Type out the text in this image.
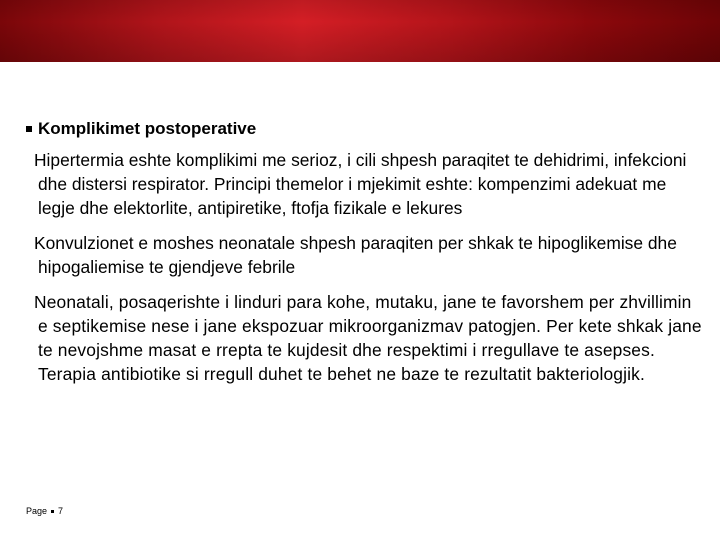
Komplikimet postoperative

Hipertermia eshte komplikimi me serioz, i cili shpesh paraqitet te dehidrimi, infekcioni dhe distersi respirator. Principi themelor i mjekimit eshte: kompenzimi adekuat me legje dhe elektorlite, antipiretike, ftofja fizikale e lekures

Konvulzionet e moshes neonatale shpesh paraqiten per shkak te hipoglikemise dhe hipogaliemise te gjendjeve febrile

Neonatali, posaqerishte i linduri para kohe, mutaku, jane te favorshem per zhvillimin e septikemise nese i jane ekspozuar mikroorganizmav patogjen. Per kete shkak jane te nevojshme masat e rrepta te kujdesit dhe respektimi i rregullave te asepses. Terapia antibiotike si rregull duhet te behet ne baze te rezultatit bakteriologjik.

Page 7
